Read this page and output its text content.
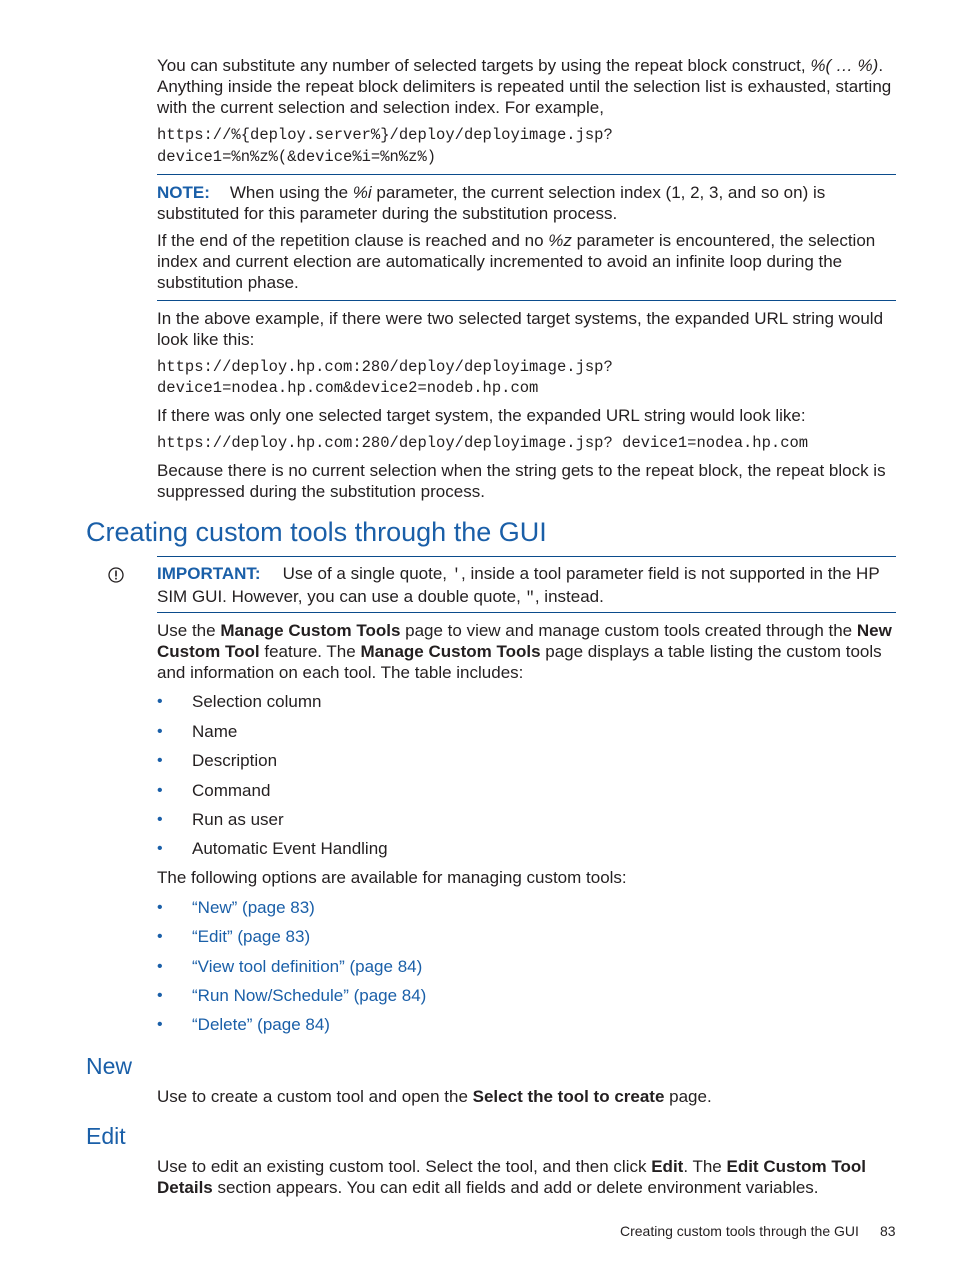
You can substitute any number of selected targets by using the repeat block construct, %( … %). Anything inside the repeat block delimiters is repeated until the selection list is exhausted, starting with the current selection and selection index. For example,
https://%{deploy.server%}/deploy/deployimage.jsp?
device1=%n%z%(&device%i=%n%z%)
NOTE: When using the %i parameter, the current selection index (1, 2, 3, and so on) is substituted for this parameter during the substitution process.
If the end of the repetition clause is reached and no %z parameter is encountered, the selection index and current election are automatically incremented to avoid an infinite loop during the substitution phase.
In the above example, if there were two selected target systems, the expanded URL string would look like this:
https://deploy.hp.com:280/deploy/deployimage.jsp?
device1=nodea.hp.com&device2=nodeb.hp.com
If there was only one selected target system, the expanded URL string would look like:
https://deploy.hp.com:280/deploy/deployimage.jsp? device1=nodea.hp.com
Because there is no current selection when the string gets to the repeat block, the repeat block is suppressed during the substitution process.
Creating custom tools through the GUI
IMPORTANT: Use of a single quote, ', inside a tool parameter field is not supported in the HP SIM GUI. However, you can use a double quote, ", instead.
Use the Manage Custom Tools page to view and manage custom tools created through the New Custom Tool feature. The Manage Custom Tools page displays a table listing the custom tools and information on each tool. The table includes:
• Selection column
• Name
• Description
• Command
• Run as user
• Automatic Event Handling
The following options are available for managing custom tools:
• “New” (page 83)
• “Edit” (page 83)
• “View tool definition” (page 84)
• “Run Now/Schedule” (page 84)
• “Delete” (page 84)
New
Use to create a custom tool and open the Select the tool to create page.
Edit
Use to edit an existing custom tool. Select the tool, and then click Edit. The Edit Custom Tool Details section appears. You can edit all fields and add or delete environment variables.
Creating custom tools through the GUI 83
